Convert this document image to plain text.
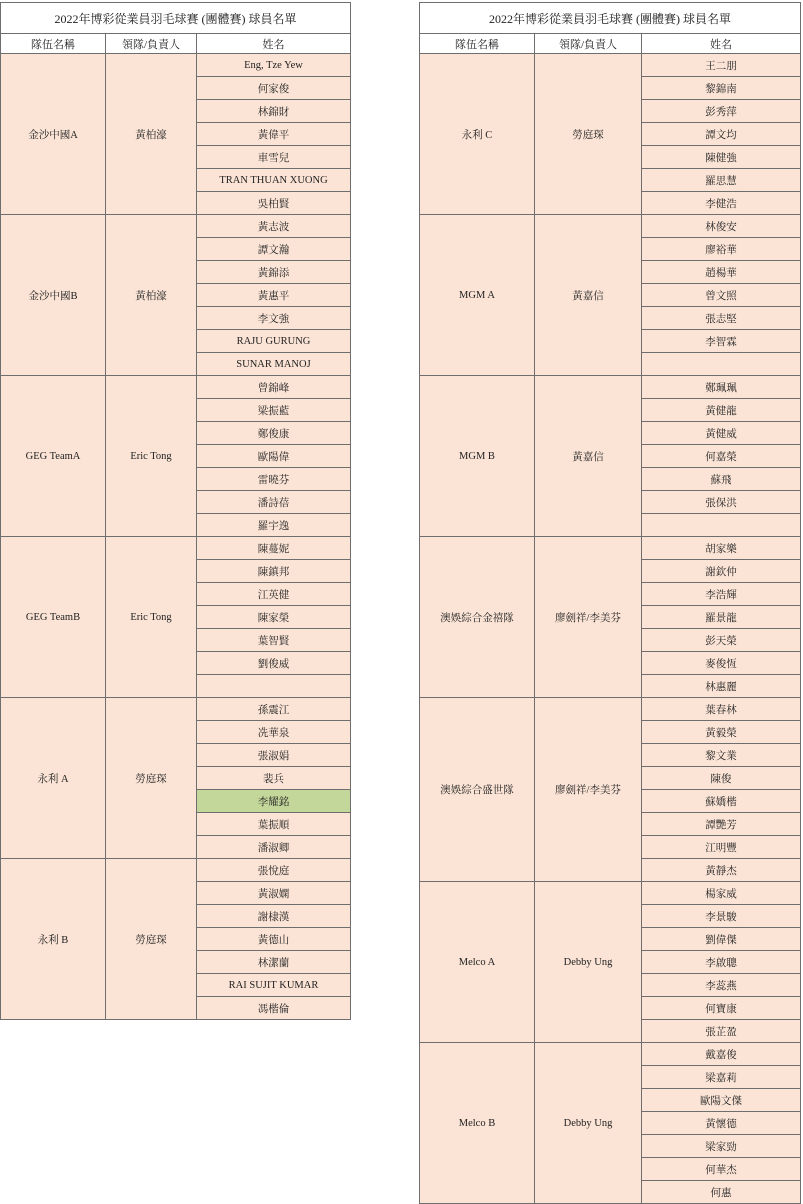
2022年博彩從業員羽毛球賽 (團體賽) 球員名單		
隊伍名稱	領隊/負責人	姓名
金沙中國A	黃柏濠	Eng, Tze Yew
		何家俊
		林錦財
		黃偉平
		車雪兒
		TRAN THUAN XUONG
		吳柏賢
金沙中國B	黃柏濠	黃志波
		譚文瀚
		黃錦添
		黃惠平
		李文強
		RAJU GURUNG
		SUNAR MANOJ
GEG TeamA	Eric Tong	曾錦峰
		梁振藍
		鄭俊康
		歐陽偉
		雷曉芬
		潘詩蓓
		羅宇逸
GEG TeamB	Eric Tong	陳蔓妮
		陳鎮邦
		江英健
		陳家榮
		葉智賢
		劉俊威

永利 A	勞庭琛	孫震江
		冼華泉
		張淑娟
		裴兵
		李耀銘
		葉振順
		潘淑卿
永利 B	勞庭琛	張悅庭
		黃淑嫻
		謝棣漢
		黃德山
		林潔蘭
		RAI SUJIT KUMAR
		馮楷倫
2022年博彩從業員羽毛球賽 (團體賽) 球員名單		
隊伍名稱	領隊/負責人	姓名
永利 C	勞庭琛	王二朋
		黎錦南
		彭秀萍
		譚文均
		陳健強
		羅思慧
		李健浩
MGM A	黃嘉信	林俊安
		廖裕華
		趙楊華
		曾文照
		張志堅
		李智霖

MGM B	黃嘉信	鄭珮珮
		黃健龍
		黃健威
		何嘉榮
		蘇飛
		張保洪

澳娛綜合金禧隊	廖劍祥/李美芬	胡家樂
		謝欽仲
		李浩輝
		羅景龍
		彭天榮
		麥俊恆
		林惠麗
澳娛綜合盛世隊	廖劍祥/李美芬	葉春林
		黃毅榮
		黎文業
		陳俊
		蘇嬌楷
		譚艷芳
		江明豐
		黃靜杰
Melco A	Debby Ung	楊家威
		李景駿
		劉偉傑
		李啟聰
		李蕊燕
		何寶康
		張芷盈
Melco B	Debby Ung	戴嘉俊
		梁嘉莉
		歐陽文傑
		黃懷德
		梁家勁
		何華杰
		何惠
